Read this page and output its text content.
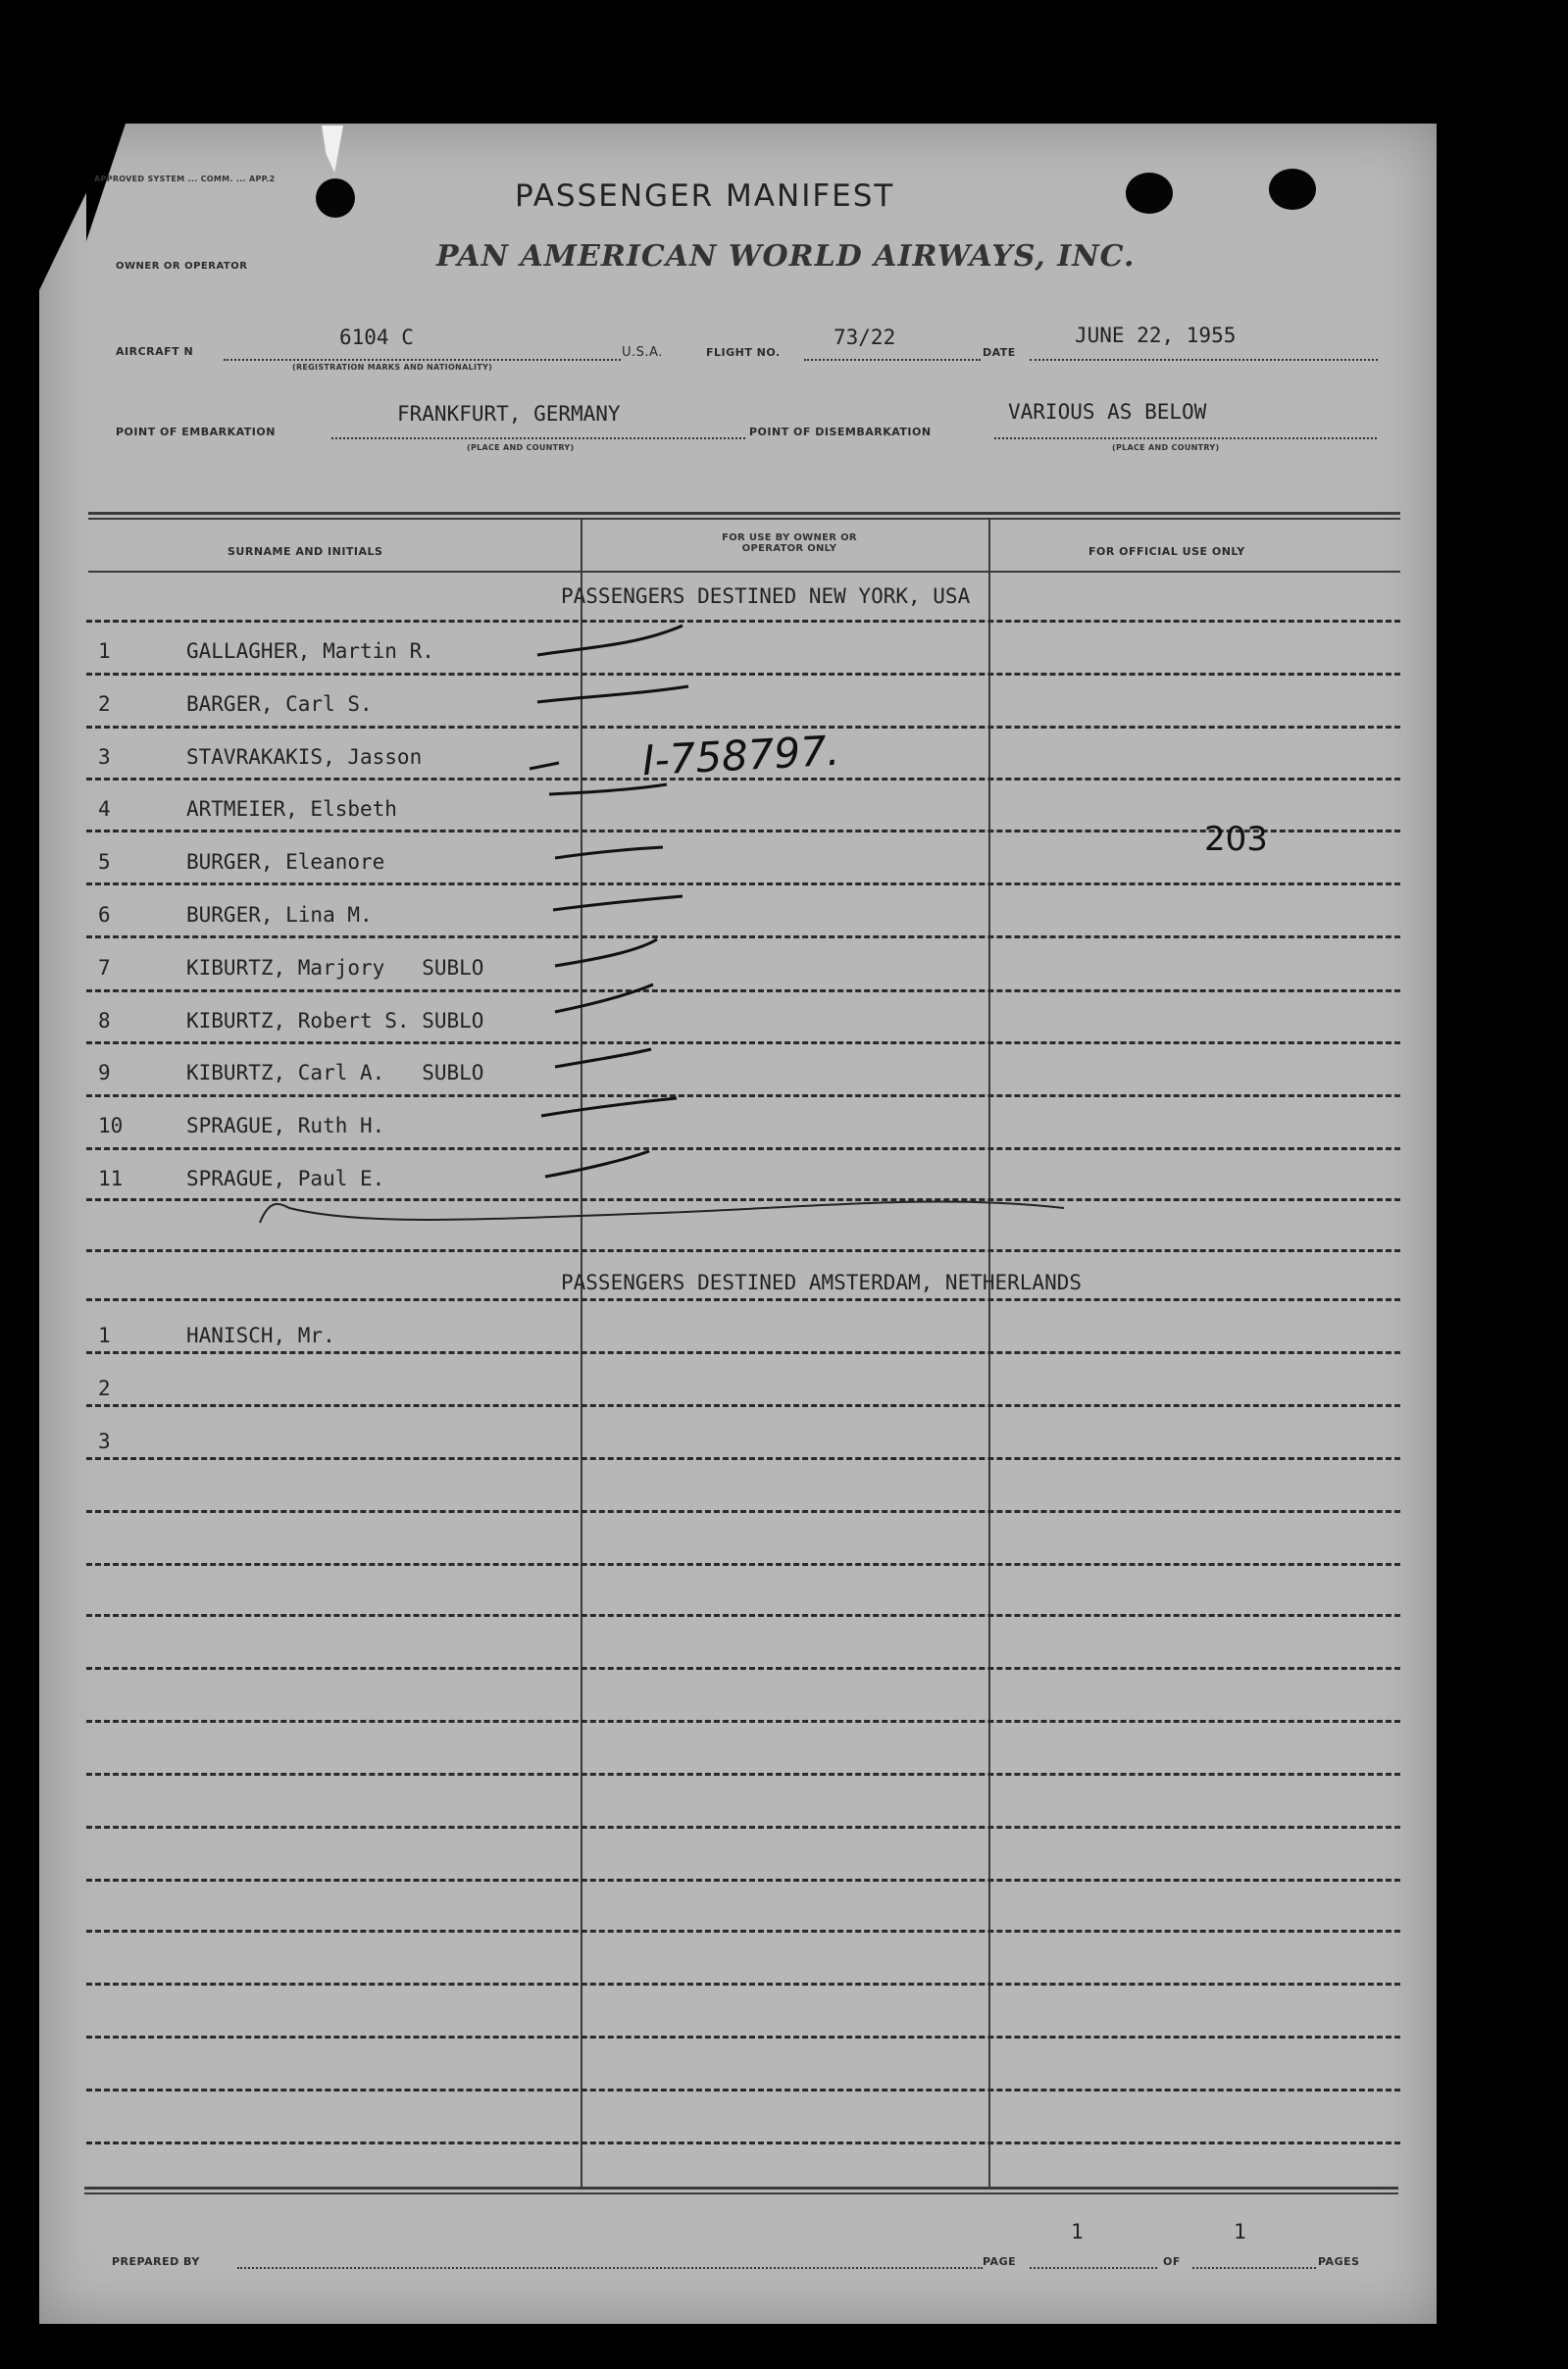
APPROVED SYSTEM ... COMM. ... APP.2
OWNER OR OPERATOR
PASSENGER MANIFEST
PAN AMERICAN WORLD AIRWAYS, INC.
AIRCRAFT N
6104 C
(REGISTRATION MARKS AND NATIONALITY)
U.S.A.	FLIGHT NO.
73/22
DATE
JUNE 22, 1955
POINT OF EMBARKATION
FRANKFURT, GERMANY
(PLACE AND COUNTRY)
POINT OF DISEMBARKATION
VARIOUS AS BELOW
(PLACE AND COUNTRY)
SURNAME AND INITIALS
FOR USE BY OWNER OR OPERATOR ONLY	FOR OFFICIAL USE ONLY
PASSENGERS DESTINED NEW YORK, USA
1	GALLAGHER, Martin R.
2	BARGER, Carl S.
3	STAVRAKAKIS, Jasson
4	ARTMEIER, Elsbeth
5	BURGER, Eleanore
6	BURGER, Lina M.
7	KIBURTZ, Marjory   SUBLO
8	KIBURTZ, Robert S. SUBLO
9	KIBURTZ, Carl A.   SUBLO
10	SPRAGUE, Ruth H.
11	SPRAGUE, Paul E.
PASSENGERS DESTINED AMSTERDAM, NETHERLANDS
1	HANISCH, Mr.
2
3
I-758797.
203
PREPARED BY	PAGE
1
OF
1
PAGES
